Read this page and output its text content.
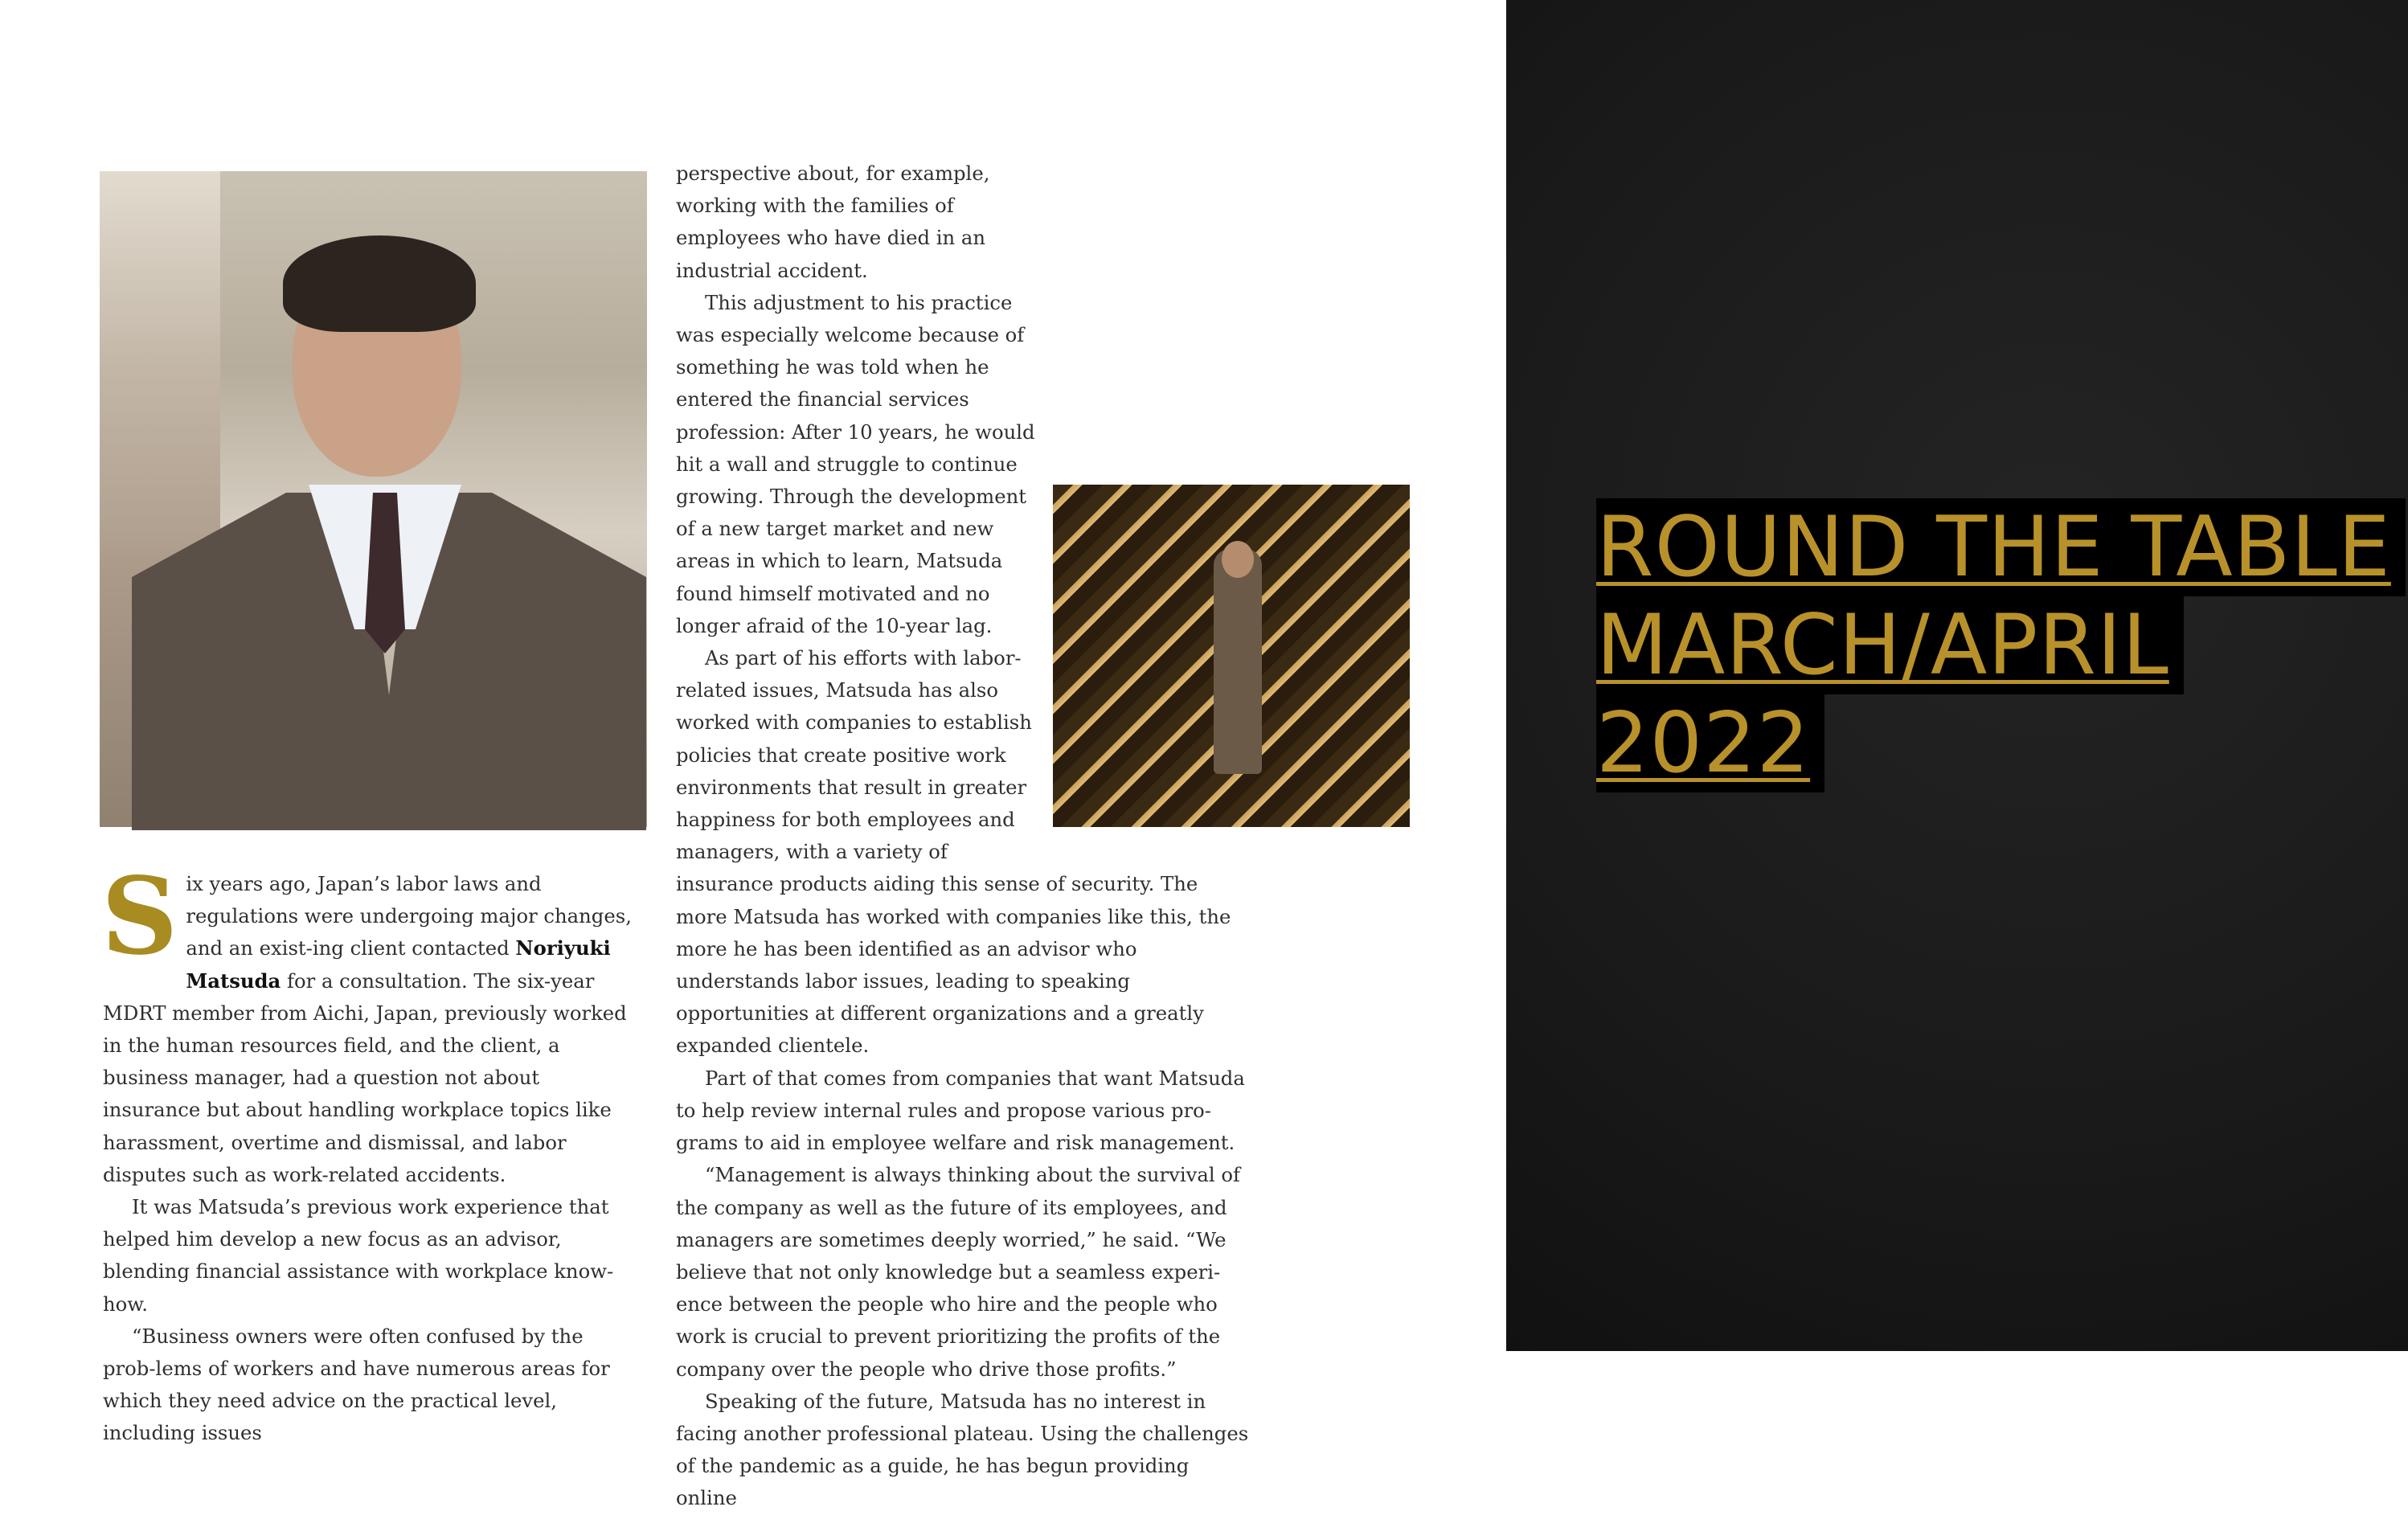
Six years ago, Japan’s labor laws and regulations were undergoing major changes, and an exist-ing client contacted Noriyuki Matsuda for a consultation. The six-year MDRT member from Aichi, Japan, previously worked in the human resources field, and the client, a business manager, had a question not about insurance but about handling workplace topics like harassment, overtime and dismissal, and labor disputes such as work-related accidents.

It was Matsuda’s previous work experience that helped him develop a new focus as an advisor, blending financial assistance with workplace know-how.

“Business owners were often confused by the prob-lems of workers and have numerous areas for which they need advice on the practical level, including issues

perspective about, for example, working with the families of employees who have died in an industrial accident.

This adjustment to his practice was especially welcome because of something he was told when he entered the financial services profession: After 10 years, he would hit a wall and struggle to continue growing. Through the development of a new target market and new areas in which to learn, Matsuda found himself motivated and no longer afraid of the 10-year lag.

As part of his efforts with labor-related issues, Matsuda has also worked with companies to establish policies that create positive work environments that result in greater happiness for both employees and managers, with a variety of insurance products aiding this sense of security. The more Matsuda has worked with companies like this, the more he has been identified as an advisor who understands labor issues, leading to speaking opportunities at different organizations and a greatly expanded clientele.

Part of that comes from companies that want Matsuda to help review internal rules and propose various pro-grams to aid in employee welfare and risk management.

“Management is always thinking about the survival of the company as well as the future of its employees, and managers are sometimes deeply worried,” he said. “We believe that not only knowledge but a seamless experi-ence between the people who hire and the people who work is crucial to prevent prioritizing the profits of the company over the people who drive those profits.”

Speaking of the future, Matsuda has no interest in facing another professional plateau. Using the challenges of the pandemic as a guide, he has begun providing online

ROUND THE TABLE
MARCH/APRIL
2022
